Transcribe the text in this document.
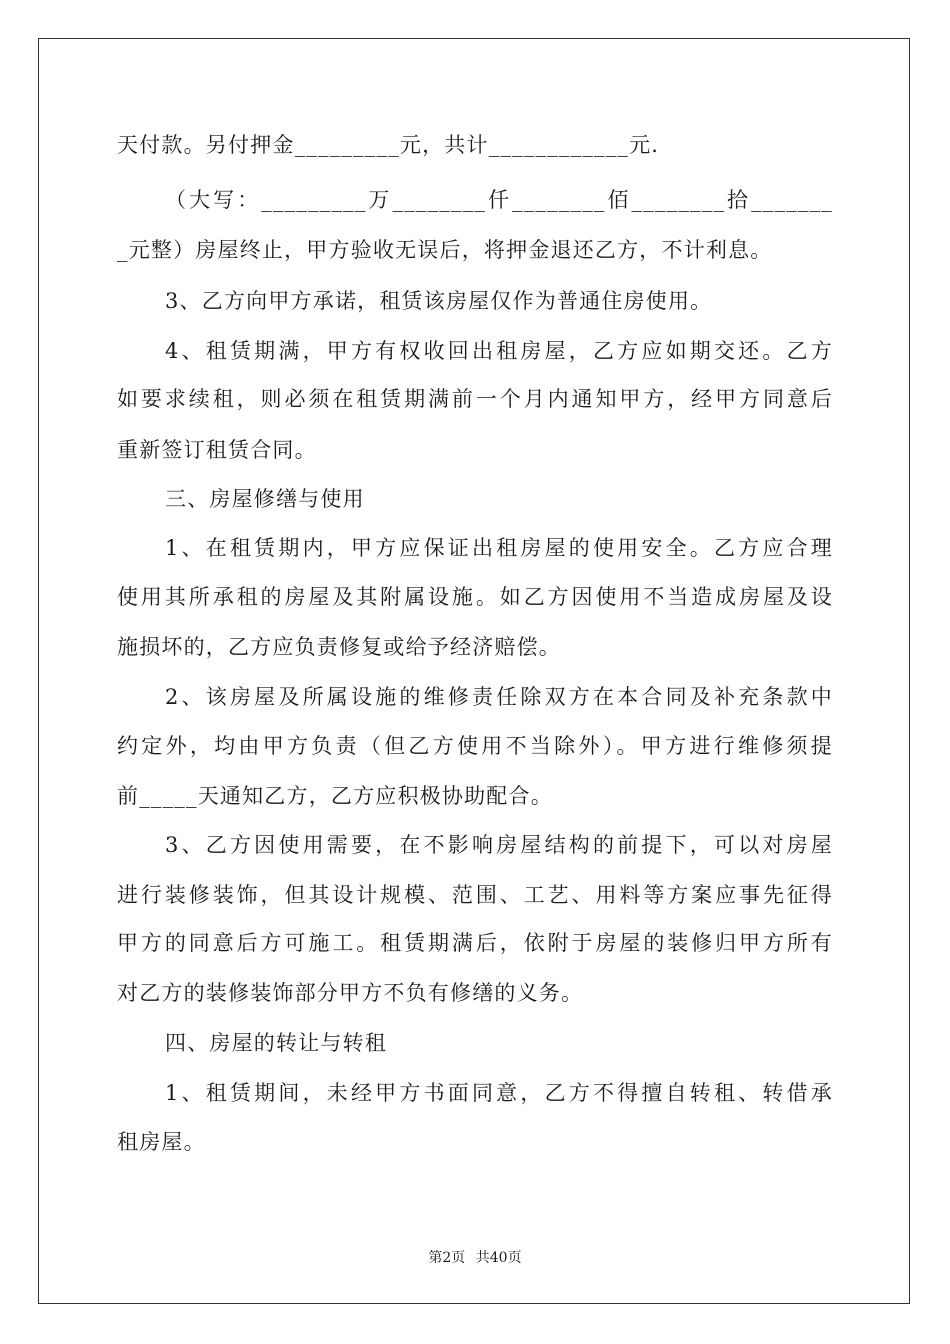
天付款。另付押金_________元，共计____________元.
（大写：_________万________仟________佰________拾_______
_元整）房屋终止，甲方验收无误后，将押金退还乙方，不计利息。
3、乙方向甲方承诺，租赁该房屋仅作为普通住房使用。
4、租赁期满，甲方有权收回出租房屋，乙方应如期交还。乙方
如要求续租，则必须在租赁期满前一个月内通知甲方，经甲方同意后
重新签订租赁合同。
三、房屋修缮与使用
1、在租赁期内，甲方应保证出租房屋的使用安全。乙方应合理
使用其所承租的房屋及其附属设施。如乙方因使用不当造成房屋及设
施损坏的，乙方应负责修复或给予经济赔偿。
2、该房屋及所属设施的维修责任除双方在本合同及补充条款中
约定外，均由甲方负责（但乙方使用不当除外）。甲方进行维修须提
前_____天通知乙方，乙方应积极协助配合。
3、乙方因使用需要，在不影响房屋结构的前提下，可以对房屋
进行装修装饰，但其设计规模、范围、工艺、用料等方案应事先征得
甲方的同意后方可施工。租赁期满后，依附于房屋的装修归甲方所有
对乙方的装修装饰部分甲方不负有修缮的义务。
四、房屋的转让与转租
1、租赁期间，未经甲方书面同意，乙方不得擅自转租、转借承
租房屋。
第2页 共40页
